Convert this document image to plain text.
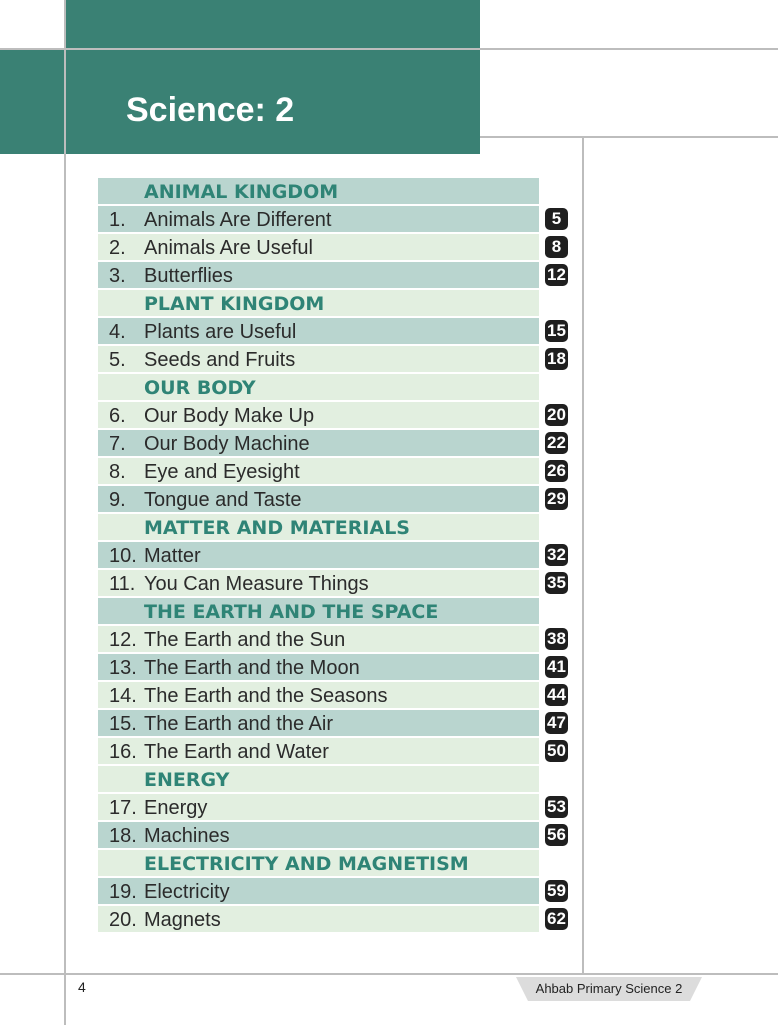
Science: 2
ANIMAL KINGDOM
1. Animals Are Different	5
2. Animals Are Useful	8
3. Butterflies	12
PLANT KINGDOM
4. Plants are Useful	15
5. Seeds and Fruits	18
OUR BODY
6. Our Body Make Up	20
7. Our Body Machine	22
8. Eye and Eyesight	26
9. Tongue and Taste	29
MATTER AND MATERIALS
10. Matter	32
11. You Can Measure Things	35
THE EARTH AND THE SPACE
12. The Earth and the Sun	38
13. The Earth and the Moon	41
14. The Earth and the Seasons	44
15. The Earth and the Air	47
16. The Earth and Water	50
ENERGY
17. Energy	53
18. Machines	56
ELECTRICITY AND MAGNETISM
19. Electricity	59
20. Magnets	62
4	Ahbab Primary Science 2
